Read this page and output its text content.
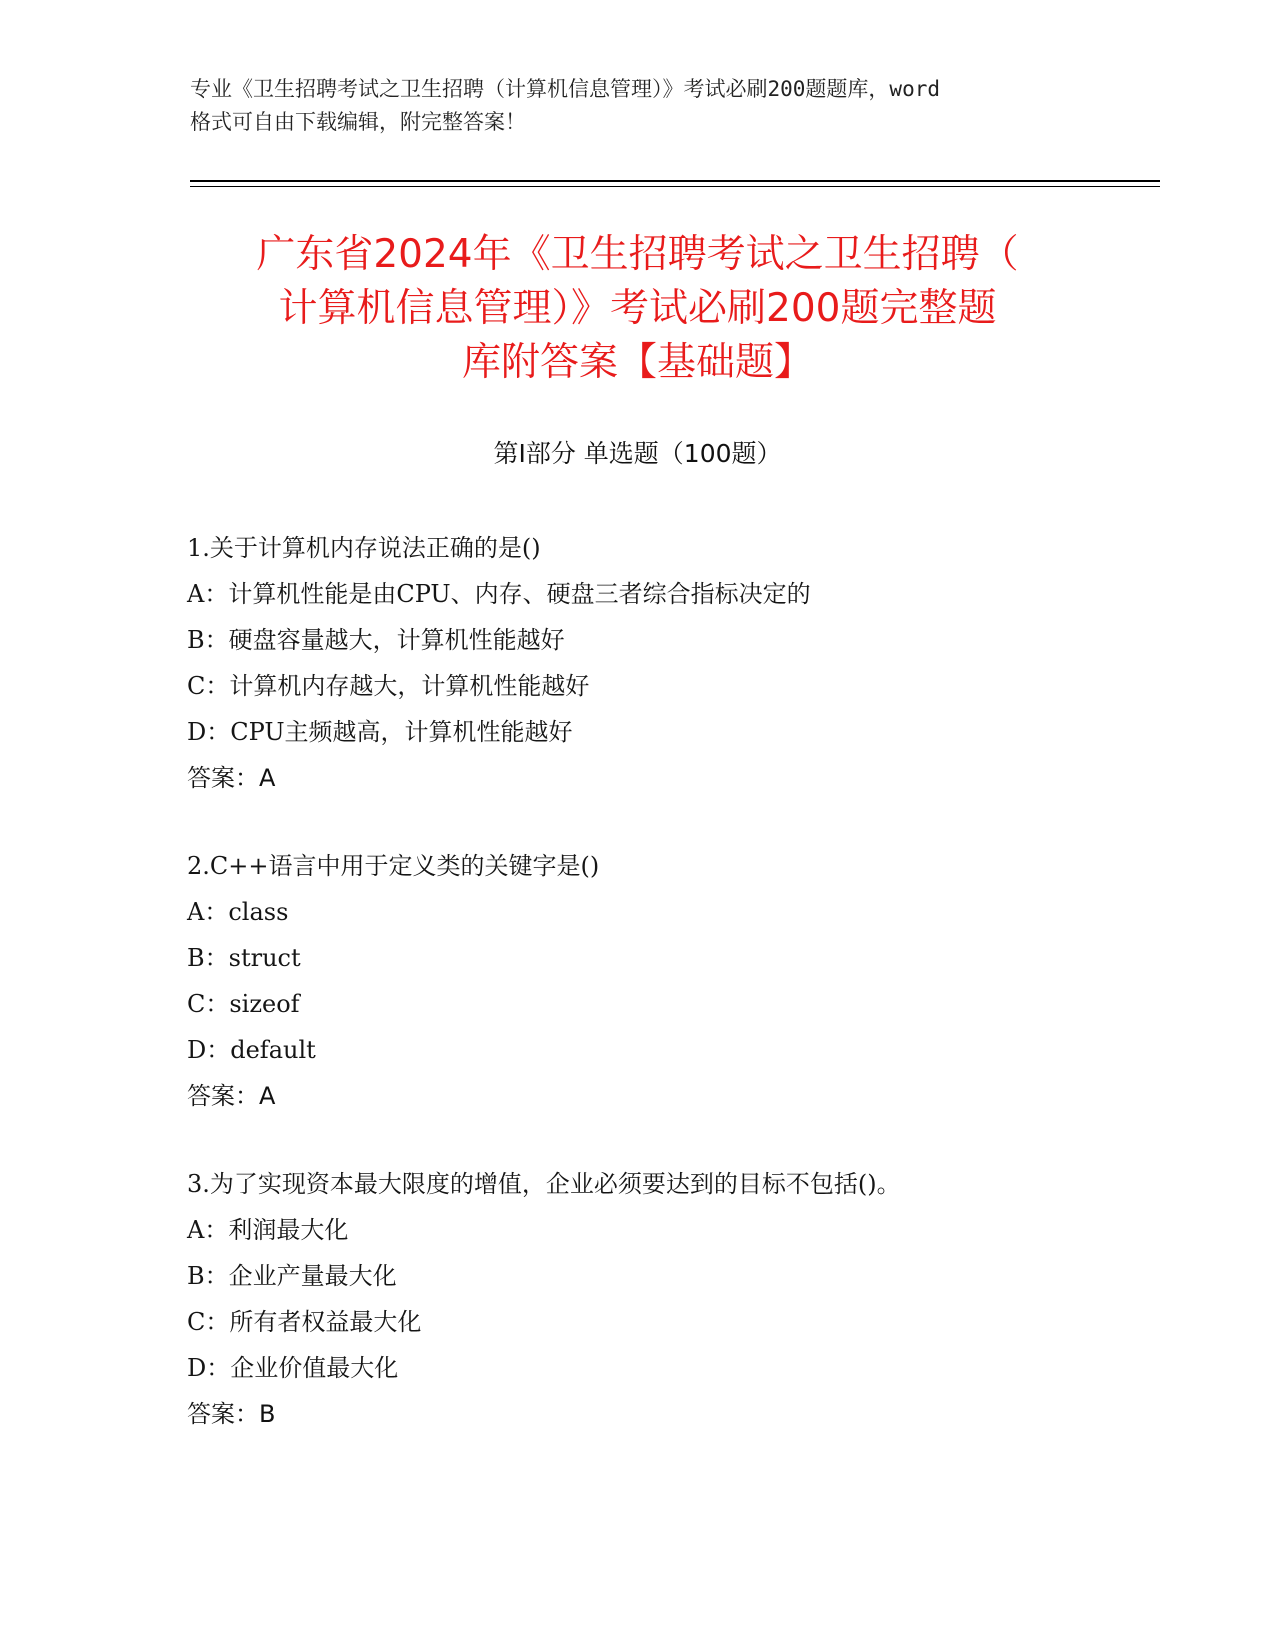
专业《卫生招聘考试之卫生招聘（计算机信息管理）》考试必刷200题题库，word
格式可自由下载编辑，附完整答案！
广东省2024年《卫生招聘考试之卫生招聘（
计算机信息管理）》考试必刷200题完整题
库附答案【基础题】
第Ⅰ部分 单选题（100题）
1.关于计算机内存说法正确的是()
A：计算机性能是由CPU、内存、硬盘三者综合指标决定的
B：硬盘容量越大，计算机性能越好
C：计算机内存越大，计算机性能越好
D：CPU主频越高，计算机性能越好
答案：A
2.C++语言中用于定义类的关键字是()
A：class
B：struct
C：sizeof
D：default
答案：A
3.为了实现资本最大限度的增值，企业必须要达到的目标不包括()。
A：利润最大化
B：企业产量最大化
C：所有者权益最大化
D：企业价值最大化
答案：B
